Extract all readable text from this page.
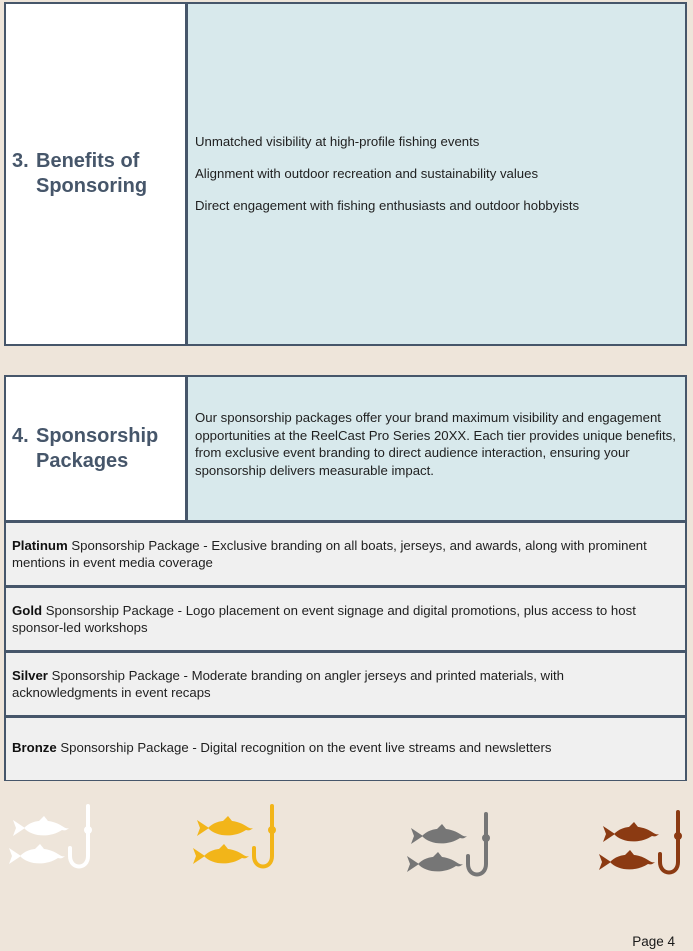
3. Benefits of
Sponsoring

Unmatched visibility at high-profile fishing events

Alignment with outdoor recreation and sustainability values

Direct engagement with fishing enthusiasts and outdoor hobbyists

4. Sponsorship
Packages
Our sponsorship packages offer your brand maximum visibility and engagement opportunities at the ReelCast Pro Series 20XX. Each tier provides unique benefits, from exclusive event branding to direct audience interaction, ensuring your sponsorship delivers measurable impact.
Platinum Sponsorship Package - Exclusive branding on all boats, jerseys, and awards, along with prominent mentions in event media coverage
Gold Sponsorship Package - Logo placement on event signage and digital promotions, plus access to host sponsor-led workshops
Silver Sponsorship Package - Moderate branding on angler jerseys and printed materials, with acknowledgments in event recaps
Bronze Sponsorship Package - Digital recognition on the event live streams and newsletters
Page 4
